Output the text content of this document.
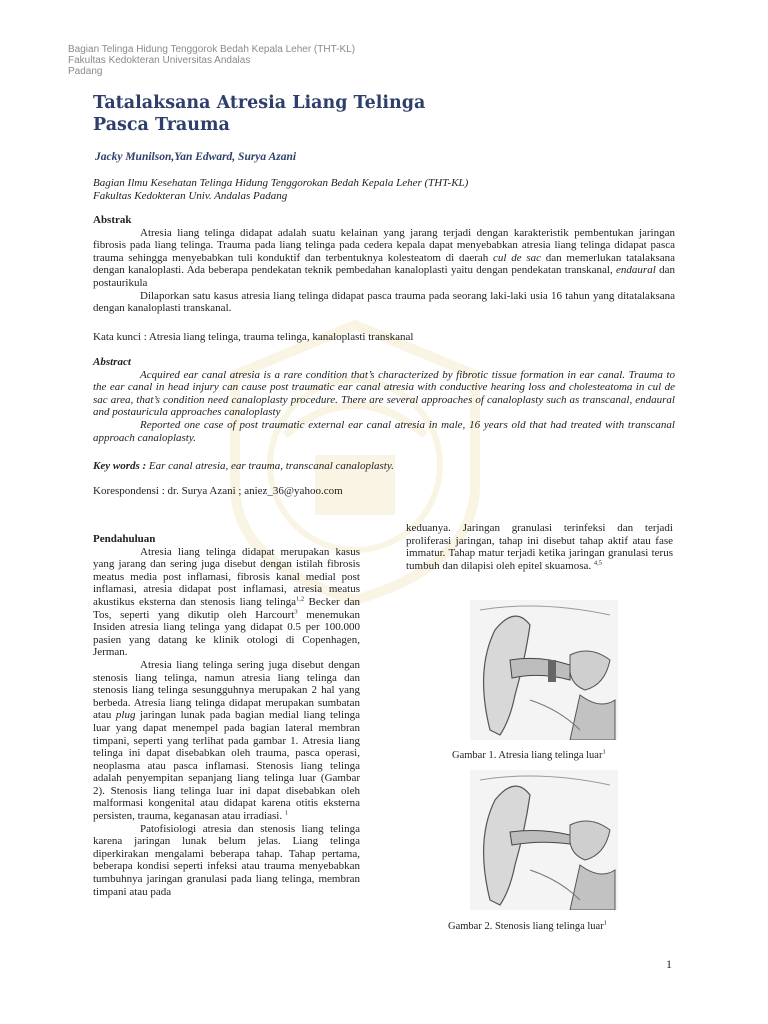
Bagian Telinga Hidung Tenggorok Bedah Kepala Leher (THT-KL)
Fakultas Kedokteran Universitas Andalas
Padang
Tatalaksana Atresia Liang Telinga
Pasca Trauma
Jacky Munilson,Yan Edward, Surya Azani
Bagian Ilmu Kesehatan Telinga Hidung Tenggorokan Bedah Kepala Leher (THT-KL)
Fakultas Kedokteran Univ. Andalas Padang
Abstrak

Atresia liang telinga didapat adalah suatu kelainan yang jarang terjadi dengan karakteristik pembentukan jaringan fibrosis pada liang telinga. Trauma pada liang telinga pada cedera kepala dapat menyebabkan atresia liang telinga didapat pasca trauma sehingga menyebabkan tuli konduktif dan terbentuknya kolesteatom di daerah cul de sac dan memerlukan tatalaksana dengan kanaloplasti. Ada beberapa pendekatan teknik pembedahan kanaloplasti yaitu dengan pendekatan transkanal, endaural dan postaurikula

Dilaporkan satu kasus atresia liang telinga didapat pasca trauma pada seorang laki-laki usia 16 tahun yang ditatalaksana dengan kanaloplasti transkanal.

Kata kunci : Atresia liang telinga, trauma telinga, kanaloplasti transkanal
Abstract

Acquired ear canal atresia is a rare condition that’s characterized by fibrotic tissue formation in ear canal. Trauma to the ear canal in head injury can cause post traumatic ear canal atresia with conductive hearing loss and cholesteatoma in cul de sac area, that’s condition need canaloplasty procedure. There are several approaches of canaloplasty such as transcanal, endaural and postauricula approaches canaloplasty

Reported one case of post traumatic external ear canal atresia in male, 16 years old that had treated with transcanal approach canaloplasty.

Key words : Ear canal atresia, ear trauma, transcanal canaloplasty.
Korespondensi : dr. Surya Azani ; aniez_36@yahoo.com
Pendahuluan

Atresia liang telinga didapat merupakan kasus yang jarang dan sering juga disebut dengan istilah fibrosis meatus media post inflamasi, fibrosis kanal medial post inflamasi, atresia didapat post inflamasi, atresia meatus akustikus eksterna dan stenosis liang telinga$^{1,2}$ Becker dan Tos, seperti yang dikutip oleh Harcourt$^3$ menemukan Insiden atresia liang telinga yang didapat 0.5 per 100.000 pasien yang datang ke klinik otologi di Copenhagen, Jerman.

Atresia liang telinga sering juga disebut dengan stenosis liang telinga, namun atresia liang telinga dan stenosis liang telinga sesungguhnya merupakan 2 hal yang berbeda. Atresia liang telinga didapat merupakan sumbatan atau plug jaringan lunak pada bagian medial liang telinga luar yang dapat menempel pada bagian lateral membran timpani, seperti yang terlihat pada gambar 1. Atresia liang telinga ini dapat disebabkan oleh trauma, pasca operasi, neoplasma atau pasca inflamasi. Stenosis liang telinga adalah penyempitan sepanjang liang telinga luar (Gambar 2). Stenosis liang telinga luar ini dapat disebabkan oleh malformasi kongenital atau didapat karena otitis eksterna persisten, trauma, keganasan atau irradiasi. $^1$

Patofisiologi atresia dan stenosis liang telinga karena jaringan lunak belum jelas. Liang telinga diperkirakan mengalami beberapa tahap. Tahap pertama, beberapa kondisi seperti infeksi atau trauma menyebabkan tumbuhnya jaringan granulasi pada liang telinga, membran timpani atau pada

keduanya. Jaringan granulasi terinfeksi dan terjadi proliferasi jaringan, tahap ini disebut tahap aktif atau fase immatur. Tahap matur terjadi ketika jaringan granulasi terus tumbuh dan dilapisi oleh epitel skuamosa. $^{4,5}$

Gambar 1. Atresia liang telinga luar$^1$
Gambar 2. Stenosis liang telinga luar$^1$
1
